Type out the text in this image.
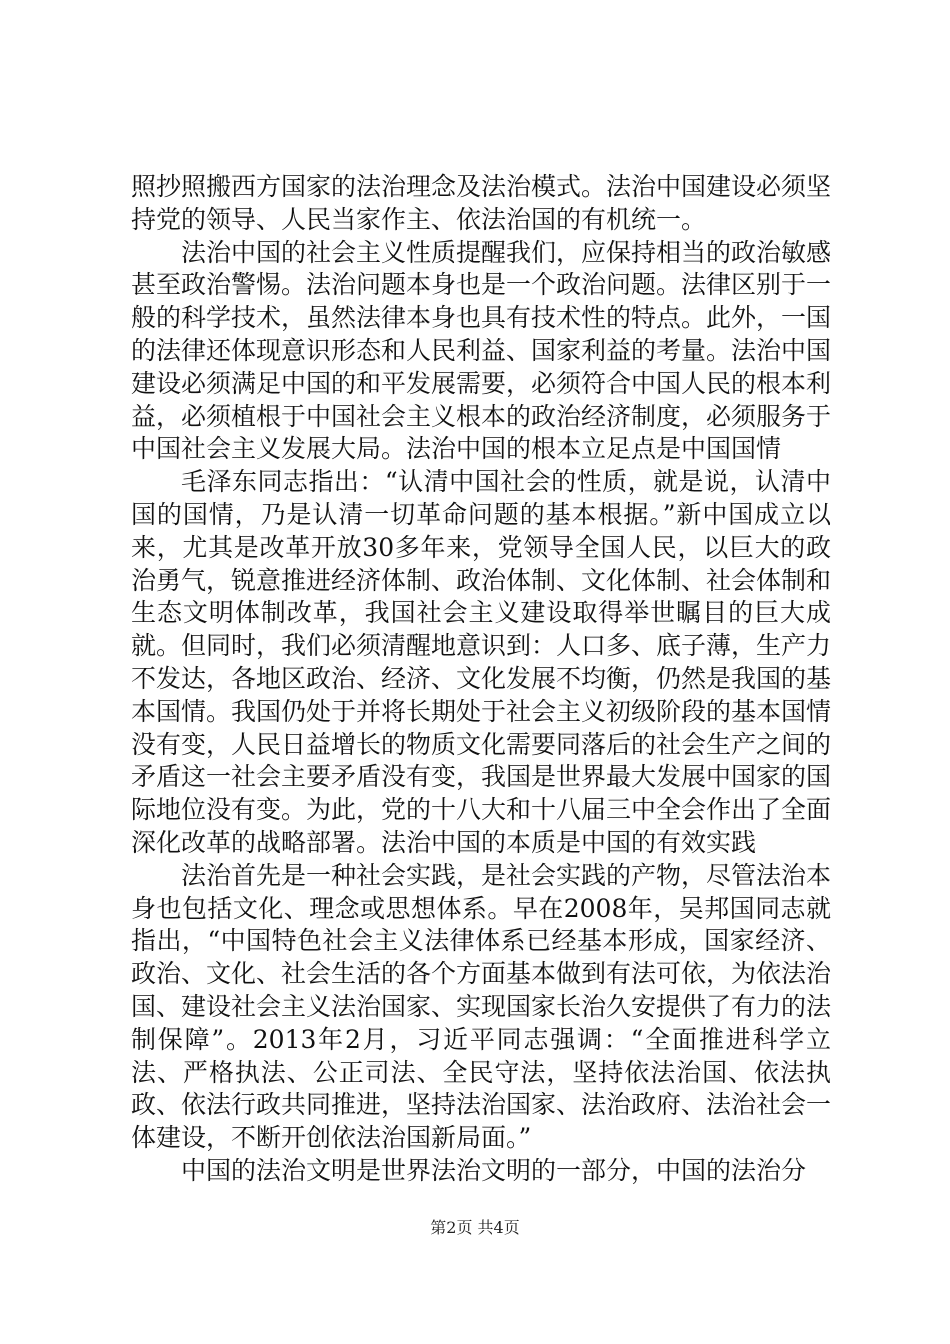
照抄照搬西方国家的法治理念及法治模式。法治中国建设必须坚持党的领导、人民当家作主、依法治国的有机统一。

法治中国的社会主义性质提醒我们，应保持相当的政治敏感甚至政治警惕。法治问题本身也是一个政治问题。法律区别于一般的科学技术，虽然法律本身也具有技术性的特点。此外，一国的法律还体现意识形态和人民利益、国家利益的考量。法治中国建设必须满足中国的和平发展需要，必须符合中国人民的根本利益，必须植根于中国社会主义根本的政治经济制度，必须服务于中国社会主义发展大局。法治中国的根本立足点是中国国情

毛泽东同志指出：“认清中国社会的性质，就是说，认清中国的国情，乃是认清一切革命问题的基本根据。”新中国成立以来，尤其是改革开放30多年来，党领导全国人民，以巨大的政治勇气，锐意推进经济体制、政治体制、文化体制、社会体制和生态文明体制改革，我国社会主义建设取得举世瞩目的巨大成就。但同时，我们必须清醒地意识到：人口多、底子薄，生产力不发达，各地区政治、经济、文化发展不均衡，仍然是我国的基本国情。我国仍处于并将长期处于社会主义初级阶段的基本国情没有变，人民日益增长的物质文化需要同落后的社会生产之间的矛盾这一社会主要矛盾没有变，我国是世界最大发展中国家的国际地位没有变。为此，党的十八大和十八届三中全会作出了全面深化改革的战略部署。法治中国的本质是中国的有效实践

法治首先是一种社会实践，是社会实践的产物，尽管法治本身也包括文化、理念或思想体系。早在2008年，吴邦国同志就指出，“中国特色社会主义法律体系已经基本形成，国家经济、政治、文化、社会生活的各个方面基本做到有法可依，为依法治国、建设社会主义法治国家、实现国家长治久安提供了有力的法制保障”。2013年2月，习近平同志强调：“全面推进科学立法、严格执法、公正司法、全民守法，坚持依法治国、依法执政、依法行政共同推进，坚持法治国家、法治政府、法治社会一体建设，不断开创依法治国新局面。”

中国的法治文明是世界法治文明的一部分，中国的法治分

第2页 共4页
